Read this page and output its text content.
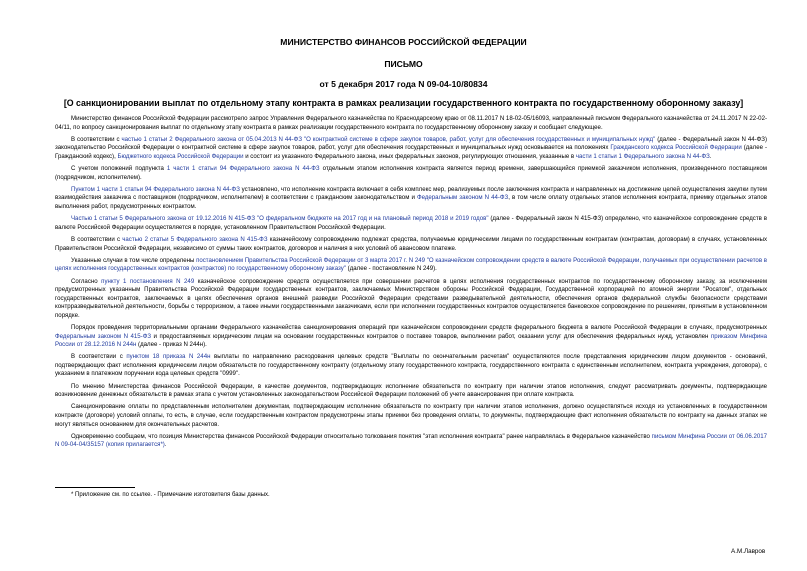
МИНИСТЕРСТВО ФИНАНСОВ РОССИЙСКОЙ ФЕДЕРАЦИИ
ПИСЬМО
от 5 декабря 2017 года N 09-04-10/80834
[О санкционировании выплат по отдельному этапу контракта в рамках реализации государственного контракта по государственному оборонному заказу]

Министерство финансов Российской Федерации рассмотрело запрос Управления Федерального казначейства по Краснодарскому краю от 08.11.2017 N 18-02-05/16093, направленный письмом Федерального казначейства от 24.11.2017 N 22-02-04/11, по вопросу санкционирования выплат по отдельному этапу контракта в рамках реализации государственного контракта по государственному оборонному заказу и сообщает следующее.

В соответствии с частью 1 статьи 2 Федерального закона от 05.04.2013 N 44-ФЗ "О контрактной системе в сфере закупок товаров, работ, услуг для обеспечения государственных и муниципальных нужд" (далее - Федеральный закон N 44-ФЗ) законодательство Российской Федерации о контрактной системе в сфере закупок товаров, работ, услуг для обеспечения государственных и муниципальных нужд основывается на положениях Гражданского кодекса Российской Федерации (далее - Гражданский кодекс), Бюджетного кодекса Российской Федерации и состоит из указанного Федерального закона, иных федеральных законов, регулирующих отношения, указанные в части 1 статьи 1 Федерального закона N 44-ФЗ.

С учетом положений подпункта 1 части 1 статьи 94 Федерального закона N 44-ФЗ отдельным этапом исполнения контракта является период времени, завершающийся приемкой заказчиком исполнения, произведенного поставщиком (подрядчиком, исполнителем).

Пунктом 1 части 1 статьи 94 Федерального закона N 44-ФЗ установлено, что исполнение контракта включает в себя комплекс мер, реализуемых после заключения контракта и направленных на достижение целей осуществления закупки путем взаимодействия заказчика с поставщиком (подрядчиком, исполнителем) в соответствии с гражданским законодательством и Федеральным законом N 44-ФЗ, в том числе оплату отдельных этапов исполнения контракта, приемку отдельных этапов выполнения работ, предусмотренных контрактом.

Частью 1 статьи 5 Федерального закона от 19.12.2016 N 415-ФЗ "О федеральном бюджете на 2017 год и на плановый период 2018 и 2019 годов" (далее - Федеральный закон N 415-ФЗ) определено, что казначейское сопровождение средств в валюте Российской Федерации осуществляется в порядке, установленном Правительством Российской Федерации.

В соответствии с частью 2 статьи 5 Федерального закона N 415-ФЗ казначейскому сопровождению подлежат средства, получаемые юридическими лицами по государственным контрактам (контрактам, договорам) в случаях, установленных Правительством Российской Федерации, независимо от суммы таких контрактов, договоров и наличия в них условий об авансовом платеже.

Указанные случаи в том числе определены постановлением Правительства Российской Федерации от 3 марта 2017 г. N 249 "О казначейском сопровождении средств в валюте Российской Федерации, получаемых при осуществлении расчетов в целях исполнения государственных контрактов (контрактов) по государственному оборонному заказу" (далее - постановление N 249).

Согласно пункту 1 постановления N 249 казначейское сопровождение средств осуществляется при совершении расчетов в целях исполнения государственных контрактов по государственному оборонному заказу, за исключением предусмотренных указанным Правительства Российской Федерации государственных контрактов, заключаемых Министерством обороны Российской Федерации, Государственной корпорацией по атомной энергии "Росатом", отдельных государственных контрактов, заключаемых в целях обеспечения органов внешней разведки Российской Федерации средствами разведывательной деятельности, обеспечения органов федеральной службы безопасности средствами контрразведывательной деятельности, борьбы с терроризмом, а также иными государственными заказчиками, если при исполнении государственных контрактов осуществляется банковское сопровождение по решениям, принятым в установленном порядке.

Порядок проведения территориальными органами Федерального казначейства санкционирования операций при казначейском сопровождении средств федерального бюджета в валюте Российской Федерации в случаях, предусмотренных Федеральным законом N 415-ФЗ и предоставляемых юридическим лицам на основании государственных контрактов о поставке товаров, выполнении работ, оказании услуг для обеспечения федеральных нужд, установлен приказом Минфина России от 28.12.2016 N 244н (далее - приказ N 244н).

В соответствии с пунктом 18 приказа N 244н выплаты по направлению расходования целевых средств "Выплаты по окончательным расчетам" осуществляются после представления юридическим лицом документов - оснований, подтверждающих факт исполнения юридическим лицом обязательств по государственному контракту (отдельному этапу государственного контракта, государственного контракта с единственным исполнителем, контракта учреждения, договора), с указанием в платежном поручении кода целевых средств "0999".

По мнению Министерства финансов Российской Федерации, в качестве документов, подтверждающих исполнение обязательств по контракту при наличии этапов исполнения, следует рассматривать документы, подтверждающие возникновение денежных обязательств в рамках этапа с учетом установленных законодательством Российской Федерации положений об учете авансирования при оплате контракта.

Санкционирование оплаты по представленным исполнителем документам, подтверждающим исполнение обязательств по контракту при наличии этапов исполнения, должно осуществляться исходя из установленных в государственном контракте (договоре) условий оплаты, то есть, в случае, если государственным контрактом предусмотрены этапы приемки без проведения оплаты, то документы, подтверждающие факт исполнения обязательств по контракту на данных этапах не могут являться основанием для окончательных расчетов.

Одновременно сообщаем, что позиция Министерства финансов Российской Федерации относительно толкования понятия "этап исполнения контракта" ранее направлялась в Федеральное казначейство письмом Минфина России от 06.06.2017 N 09-04-04/35157 (копия прилагается*).

* Приложение см. по ссылке. - Примечание изготовителя базы данных.
А.М.Лавров
